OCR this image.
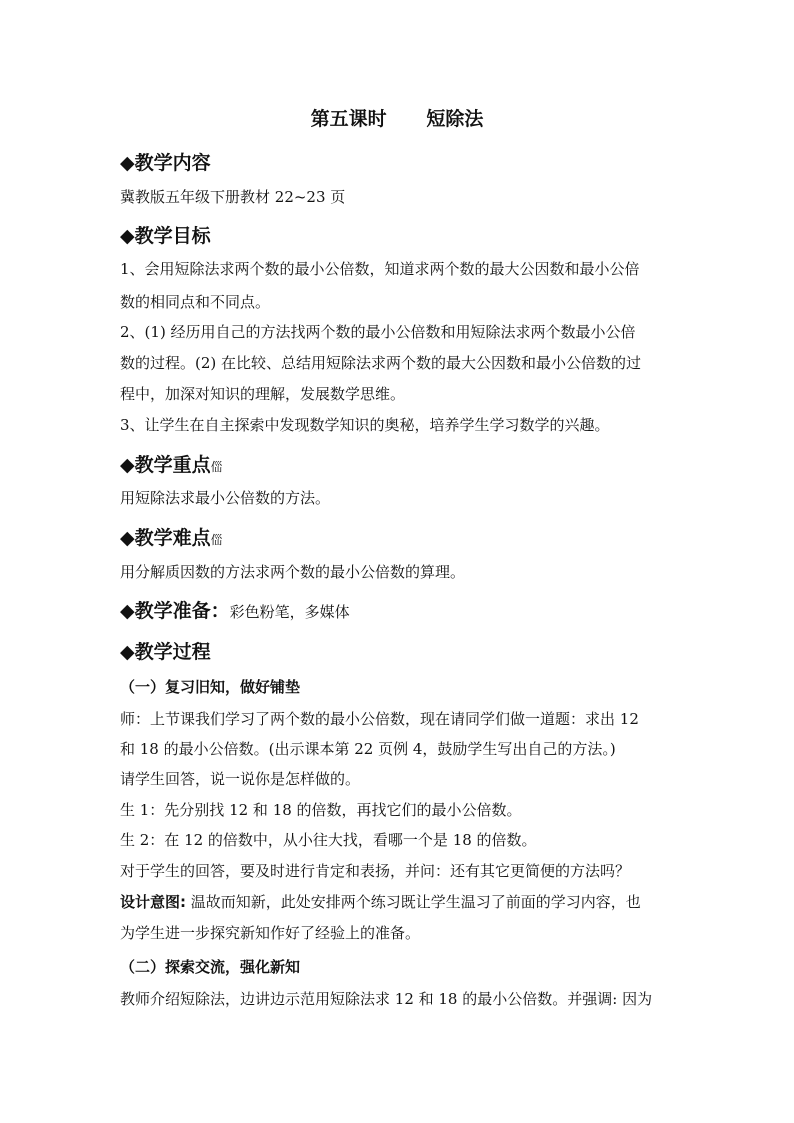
第五课时      短除法
◆教学内容
冀教版五年级下册教材 22~23 页
◆教学目标
1、会用短除法求两个数的最小公倍数，知道求两个数的最大公因数和最小公倍
数的相同点和不同点。
2、(1) 经历用自己的方法找两个数的最小公倍数和用短除法求两个数最小公倍
数的过程。(2) 在比较、总结用短除法求两个数的最大公因数和最小公倍数的过
程中，加深对知识的理解，发展数学思维。
3、让学生在自主探索中发现数学知识的奥秘，培养学生学习数学的兴趣。
◆教学重点㑎
用短除法求最小公倍数的方法。
◆教学难点㑎
用分解质因数的方法求两个数的最小公倍数的算理。
◆教学准备：彩色粉笔，多媒体
◆教学过程
（一）复习旧知，做好铺垫
师：上节课我们学习了两个数的最小公倍数，现在请同学们做一道题：求出 12
和 18 的最小公倍数。(出示课本第 22 页例 4，鼓励学生写出自己的方法。)
请学生回答，说一说你是怎样做的。
生 1：先分别找 12 和 18 的倍数，再找它们的最小公倍数。
生 2：在 12 的倍数中，从小往大找，看哪一个是 18 的倍数。
对于学生的回答，要及时进行肯定和表扬，并问：还有其它更简便的方法吗？
设计意图: 温故而知新，此处安排两个练习既让学生温习了前面的学习内容，也
为学生进一步探究新知作好了经验上的准备。
（二）探索交流，强化新知
教师介绍短除法，边讲边示范用短除法求 12 和 18 的最小公倍数。并强调: 因为
